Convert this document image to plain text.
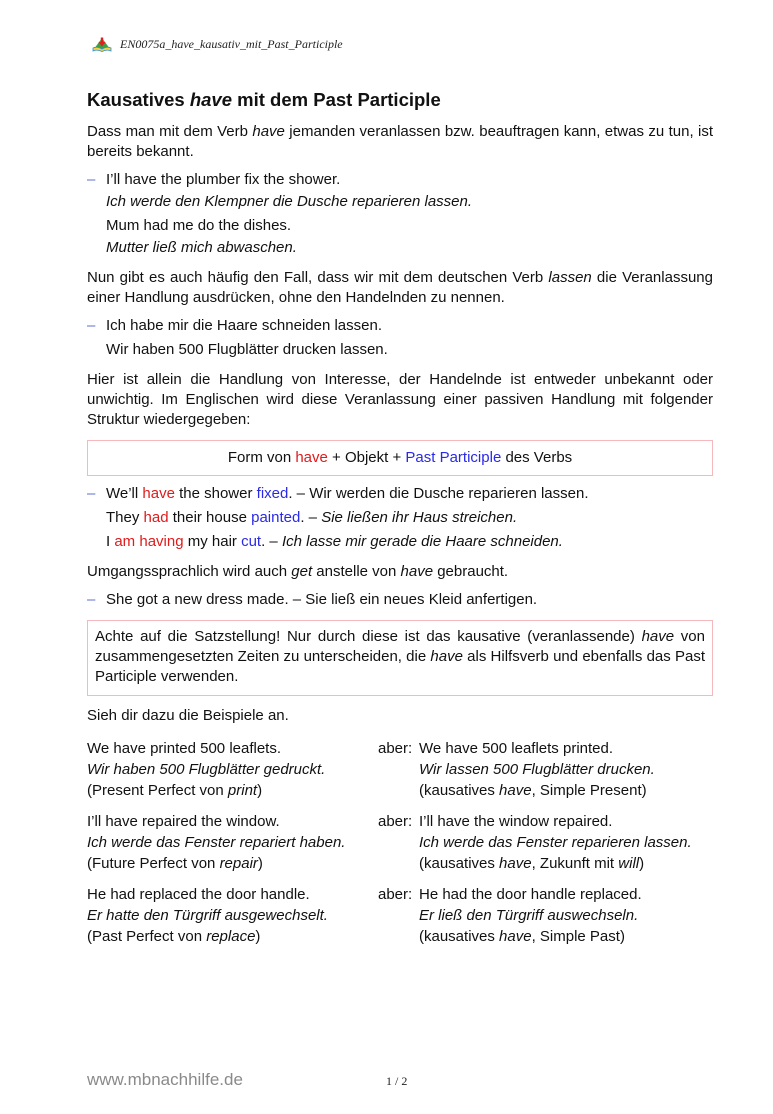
EN0075a_have_kausativ_mit_Past_Participle
Kausatives have mit dem Past Participle

Dass man mit dem Verb have jemanden veranlassen bzw. beauftragen kann, etwas zu tun, ist bereits bekannt.

– I’ll have the plumber fix the shower.
Ich werde den Klempner die Dusche reparieren lassen.
Mum had me do the dishes.
Mutter ließ mich abwaschen.

Nun gibt es auch häufig den Fall, dass wir mit dem deutschen Verb lassen die Veranlassung einer Handlung ausdrücken, ohne den Handelnden zu nennen.

– Ich habe mir die Haare schneiden lassen.
Wir haben 500 Flugblätter drucken lassen.

Hier ist allein die Handlung von Interesse, der Handelnde ist entweder unbekannt oder unwichtig. Im Englischen wird diese Veranlassung einer passiven Handlung mit folgender Struktur wiedergegeben:

Form von have + Objekt + Past Participle des Verbs
– We’ll have the shower fixed. – Wir werden die Dusche reparieren lassen.
They had their house painted. – Sie ließen ihr Haus streichen.
I am having my hair cut. – Ich lasse mir gerade die Haare schneiden.

Umgangssprachlich wird auch get anstelle von have gebraucht.

– She got a new dress made. – Sie ließ ein neues Kleid anfertigen.

Achte auf die Satzstellung! Nur durch diese ist das kausative (veranlassende) have von zusammengesetzten Zeiten zu unterscheiden, die have als Hilfsverb und ebenfalls das Past Participle verwenden.

Sieh dir dazu die Beispiele an.

We have printed 500 leaflets.
Wir haben 500 Flugblätter gedruckt.
(Present Perfect von print)
aber: We have 500 leaflets printed.
Wir lassen 500 Flugblätter drucken.
(kausatives have, Simple Present)
I’ll have repaired the window.
Ich werde das Fenster repariert haben.
(Future Perfect von repair)
aber: I’ll have the window repaired.
Ich werde das Fenster reparieren lassen.
(kausatives have, Zukunft mit will)
He had replaced the door handle.
Er hatte den Türgriff ausgewechselt.
(Past Perfect von replace)
aber: He had the door handle replaced.
Er ließ den Türgriff auswechseln.
(kausatives have, Simple Past)
www.mbnachhilfe.de	1 / 2
